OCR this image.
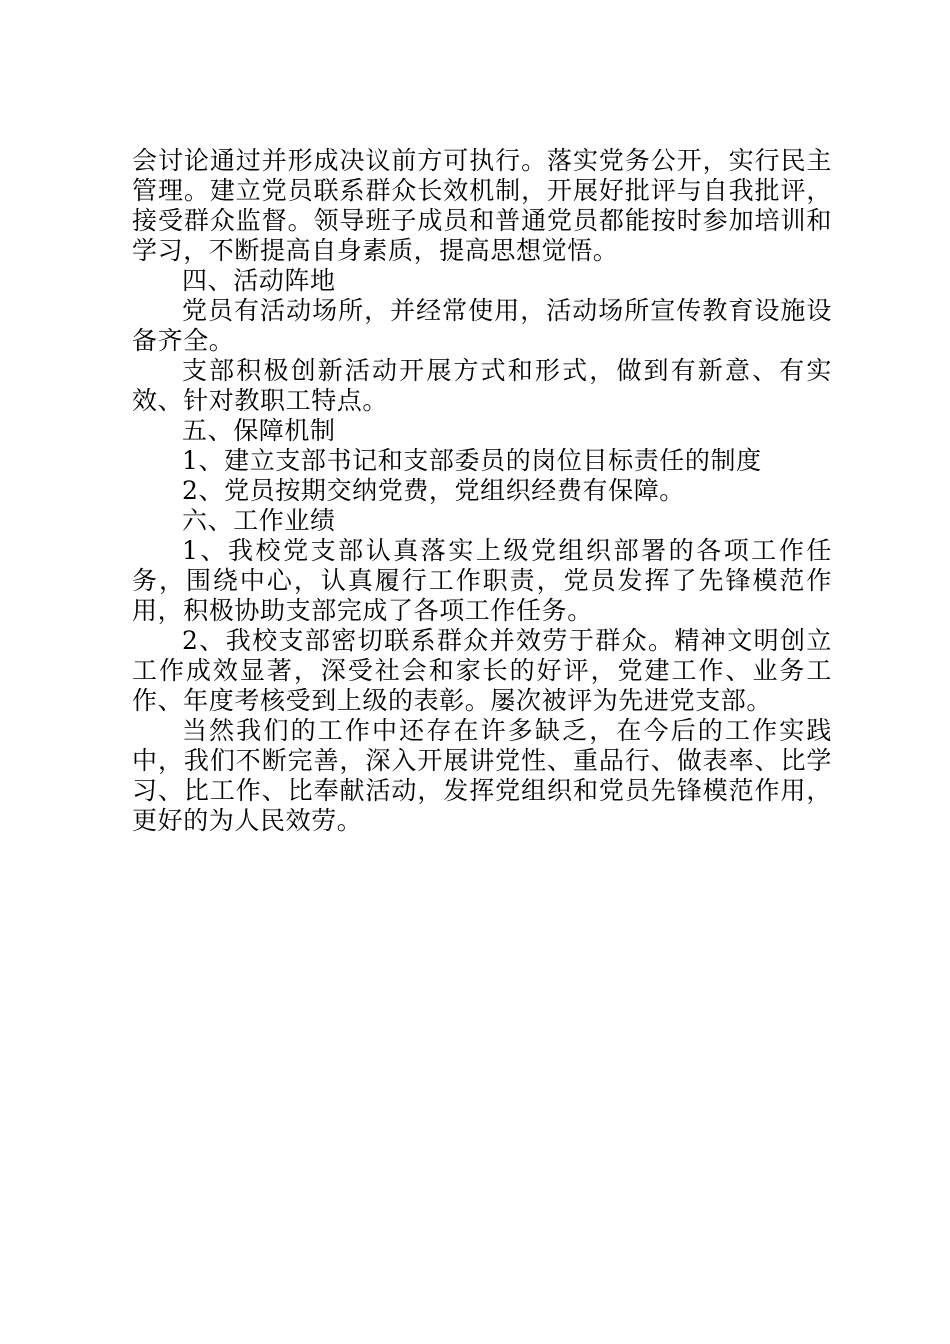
会讨论通过并形成决议前方可执行。落实党务公开，实行民主管理。建立党员联系群众长效机制，开展好批评与自我批评，接受群众监督。领导班子成员和普通党员都能按时参加培训和学习，不断提高自身素质，提高思想觉悟。

四、活动阵地

党员有活动场所，并经常使用，活动场所宣传教育设施设备齐全。

支部积极创新活动开展方式和形式，做到有新意、有实效、针对教职工特点。

五、保障机制

1、建立支部书记和支部委员的岗位目标责任的制度

2、党员按期交纳党费，党组织经费有保障。

六、工作业绩

1、我校党支部认真落实上级党组织部署的各项工作任务，围绕中心，认真履行工作职责，党员发挥了先锋模范作用，积极协助支部完成了各项工作任务。

2、我校支部密切联系群众并效劳于群众。精神文明创立工作成效显著，深受社会和家长的好评，党建工作、业务工作、年度考核受到上级的表彰。屡次被评为先进党支部。

当然我们的工作中还存在许多缺乏，在今后的工作实践中，我们不断完善，深入开展讲党性、重品行、做表率、比学习、比工作、比奉献活动，发挥党组织和党员先锋模范作用，更好的为人民效劳。
